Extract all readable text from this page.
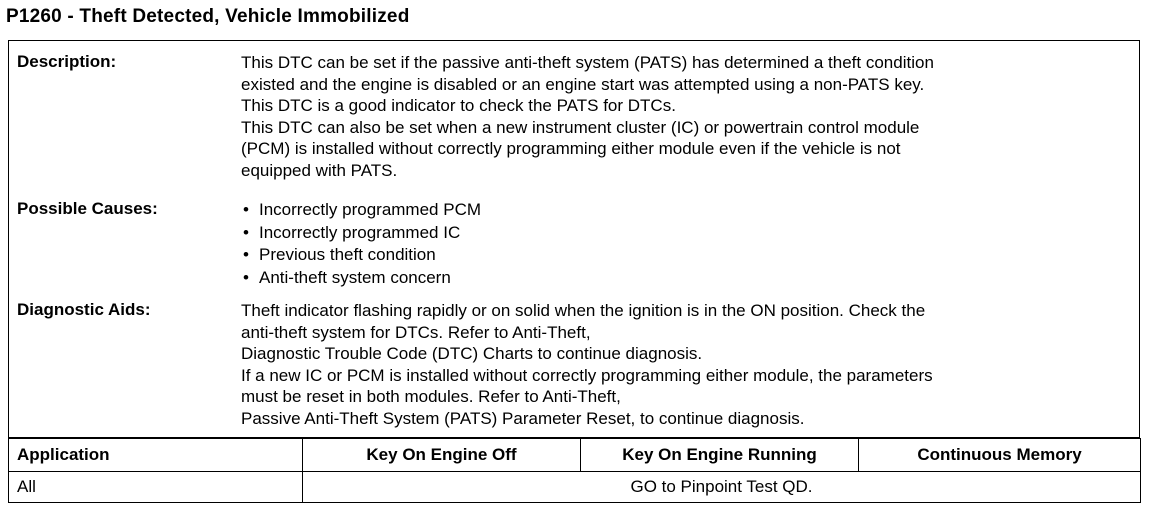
P1260 - Theft Detected, Vehicle Immobilized
Description:	This DTC can be set if the passive anti-theft system (PATS) has determined a theft condition
existed and the engine is disabled or an engine start was attempted using a non-PATS key.
This DTC is a good indicator to check the PATS for DTCs.
This DTC can also be set when a new instrument cluster (IC) or powertrain control module
(PCM) is installed without correctly programming either module even if the vehicle is not
equipped with PATS.
Possible Causes:	• Incorrectly programmed PCM
• Incorrectly programmed IC
• Previous theft condition
• Anti-theft system concern
Diagnostic Aids:	Theft indicator flashing rapidly or on solid when the ignition is in the ON position. Check the
anti-theft system for DTCs. Refer to Anti-Theft,
Diagnostic Trouble Code (DTC) Charts to continue diagnosis.
If a new IC or PCM is installed without correctly programming either module, the parameters
must be reset in both modules. Refer to Anti-Theft,
Passive Anti-Theft System (PATS) Parameter Reset, to continue diagnosis.
Application	Key On Engine Off	Key On Engine Running	Continuous Memory
All	GO to Pinpoint Test QD.		
